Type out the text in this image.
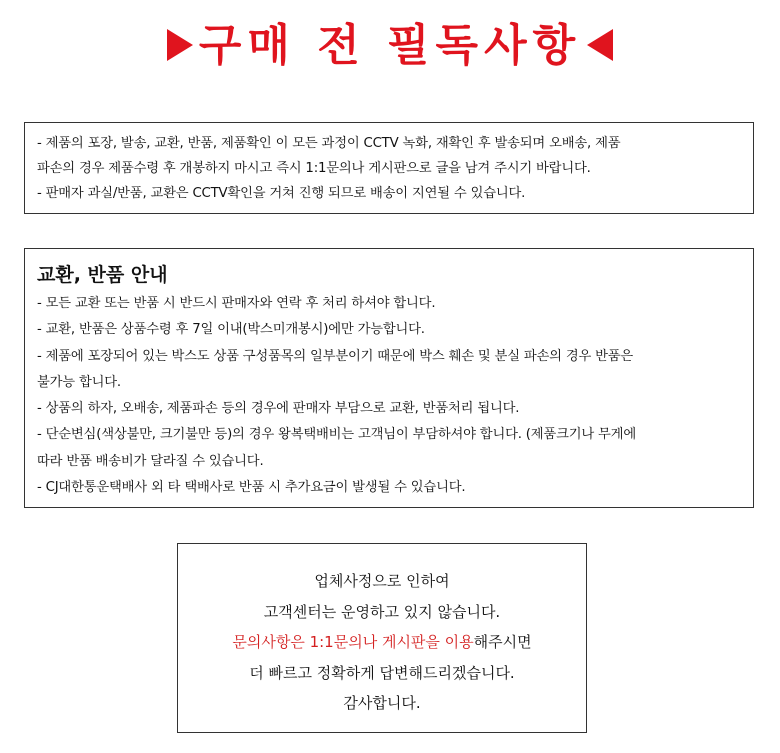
구매 전 필독사항
- 제품의 포장, 발송, 교환, 반품, 제품확인 이 모든 과정이 CCTV 녹화, 재확인 후 발송되며 오배송, 제품
파손의 경우 제품수령 후 개봉하지 마시고 즉시 1:1문의나 게시판으로 글을 남겨 주시기 바랍니다.
- 판매자 과실/반품, 교환은 CCTV확인을 거쳐 진행 되므로 배송이 지연될 수 있습니다.
교환, 반품 안내
- 모든 교환 또는 반품 시 반드시 판매자와 연락 후 처리 하셔야 합니다.
- 교환, 반품은 상품수령 후 7일 이내(박스미개봉시)에만 가능합니다.
- 제품에 포장되어 있는 박스도 상품 구성품목의 일부분이기 때문에 박스 훼손 및 분실 파손의 경우 반품은
불가능 합니다.
- 상품의 하자, 오배송, 제품파손 등의 경우에 판매자 부담으로 교환, 반품처리 됩니다.
- 단순변심(색상불만, 크기불만 등)의 경우 왕복택배비는 고객님이 부담하셔야 합니다. (제품크기나 무게에
따라 반품 배송비가 달라질 수 있습니다.
- CJ대한통운택배사 외 타 택배사로 반품 시 추가요금이 발생될 수 있습니다.
업체사정으로 인하여
고객센터는 운영하고 있지 않습니다.
문의사항은 1:1문의나 게시판을 이용해주시면
더 빠르고 정확하게 답변해드리겠습니다.
감사합니다.
